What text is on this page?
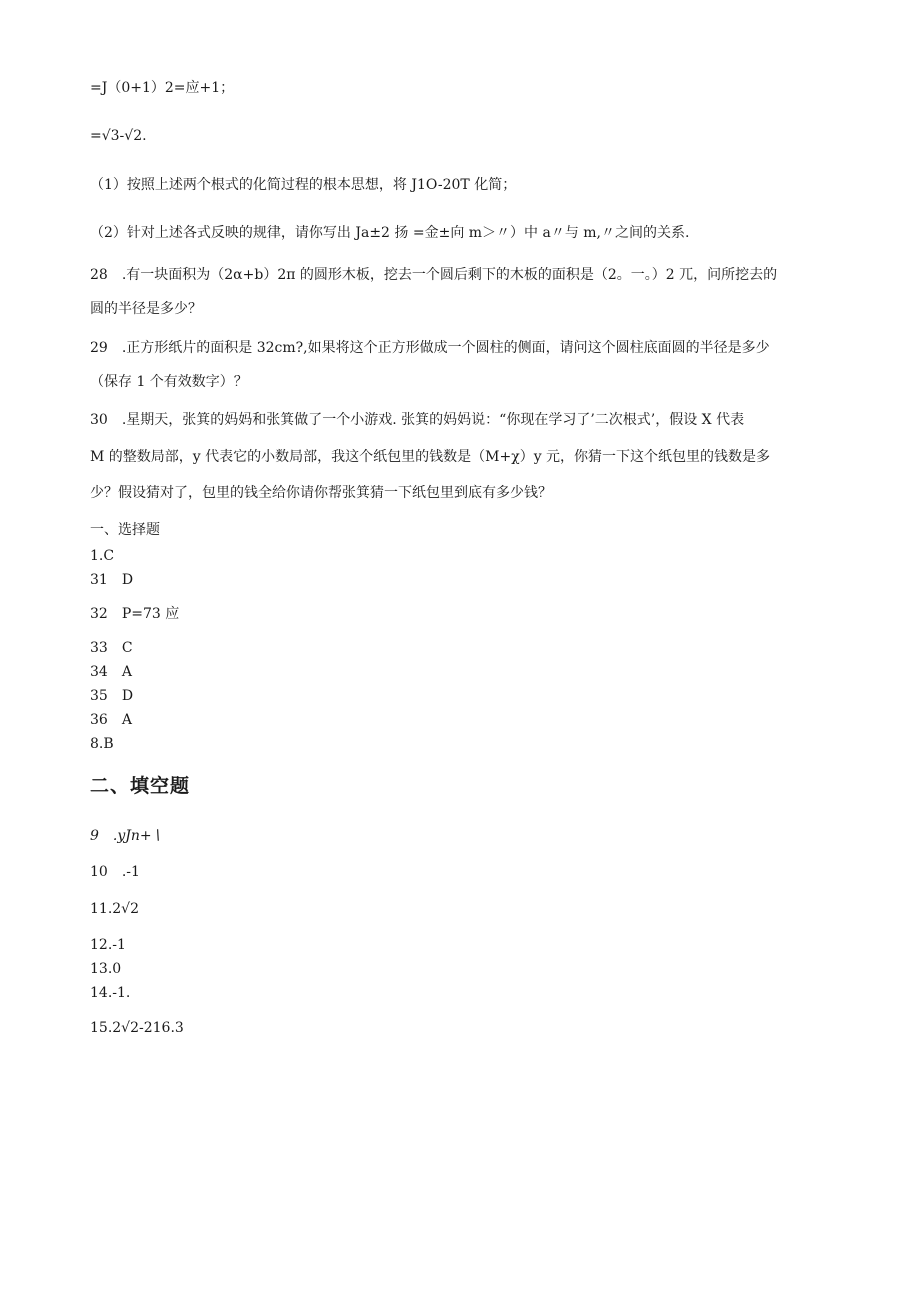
=J（0+1）2=应+1；
=√3-√2.
（1）按照上述两个根式的化简过程的根本思想，将 J1O-20T 化简；
（2）针对上述各式反映的规律，请你写出 Ja±2 扬 =金±向 m＞〃）中 a〃与 m,〃之间的关系.
28　.有一块面积为（2α+b）2π 的圆形木板，挖去一个圆后剩下的木板的面积是（2。一。）2 兀，问所挖去的
圆的半径是多少？
29　.正方形纸片的面积是 32cm?,如果将这个正方形做成一个圆柱的侧面，请问这个圆柱底面圆的半径是多少
（保存 1 个有效数字）？
30　.星期天，张箕的妈妈和张箕做了一个小游戏. 张箕的妈妈说：“你现在学习了’二次根式’，假设 X 代表
M 的整数局部，y 代表它的小数局部，我这个纸包里的钱数是（M+χ）y 元，你猜一下这个纸包里的钱数是多
少？假设猜对了，包里的钱全给你请你帮张箕猜一下纸包里到底有多少钱？
一、选择题
1.C
31　D
32　P=73 应
33　C
34　A
35　D
36　A
8.B
二、填空题
9　.yJn+∖
10　.-1
11.2√2
12.-1
13.0
14.-1.
15.2√2-216.3
